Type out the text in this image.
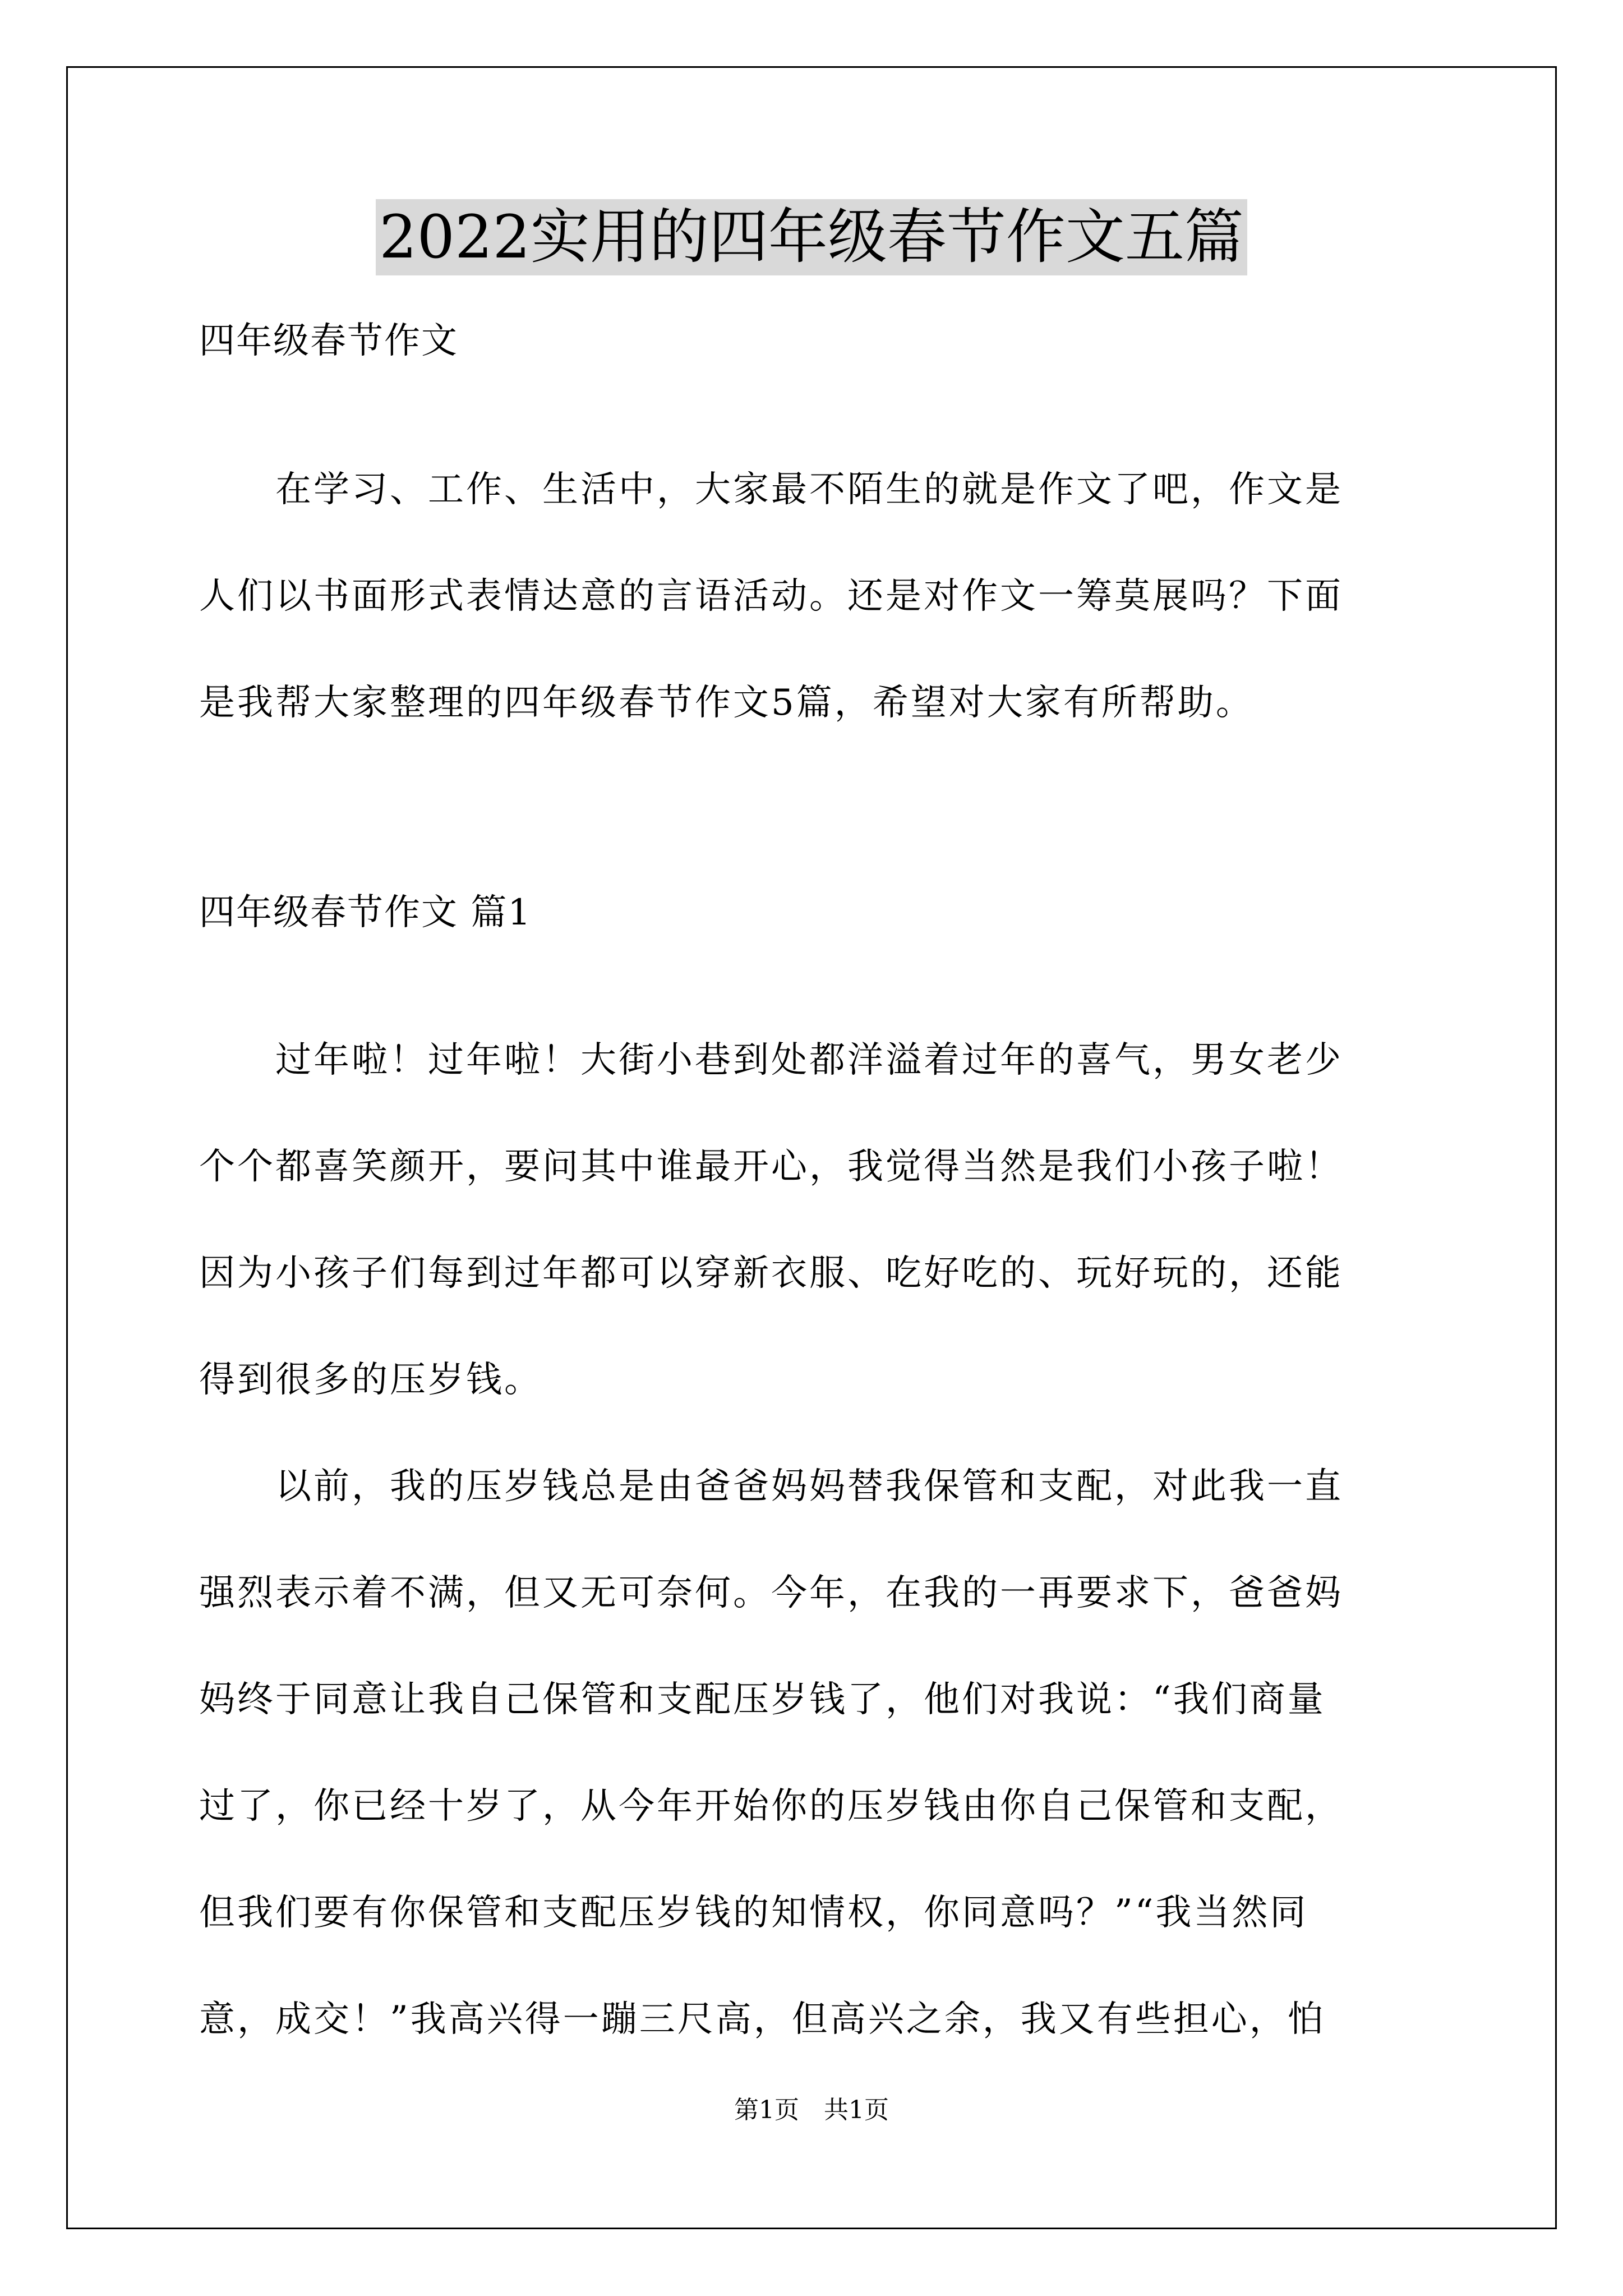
2022实用的四年级春节作文五篇
四年级春节作文
　　在学习、工作、生活中，大家最不陌生的就是作文了吧，作文是
人们以书面形式表情达意的言语活动。还是对作文一筹莫展吗？下面
是我帮大家整理的四年级春节作文5篇，希望对大家有所帮助。
四年级春节作文 篇1
　　过年啦！过年啦！大街小巷到处都洋溢着过年的喜气，男女老少
个个都喜笑颜开，要问其中谁最开心，我觉得当然是我们小孩子啦！
因为小孩子们每到过年都可以穿新衣服、吃好吃的、玩好玩的，还能
得到很多的压岁钱。
　　以前，我的压岁钱总是由爸爸妈妈替我保管和支配，对此我一直
强烈表示着不满，但又无可奈何。今年，在我的一再要求下，爸爸妈
妈终于同意让我自己保管和支配压岁钱了，他们对我说：“我们商量
过了，你已经十岁了，从今年开始你的压岁钱由你自己保管和支配，
但我们要有你保管和支配压岁钱的知情权，你同意吗？”“我当然同
意，成交！”我高兴得一蹦三尺高，但高兴之余，我又有些担心，怕
第1页　共1页
